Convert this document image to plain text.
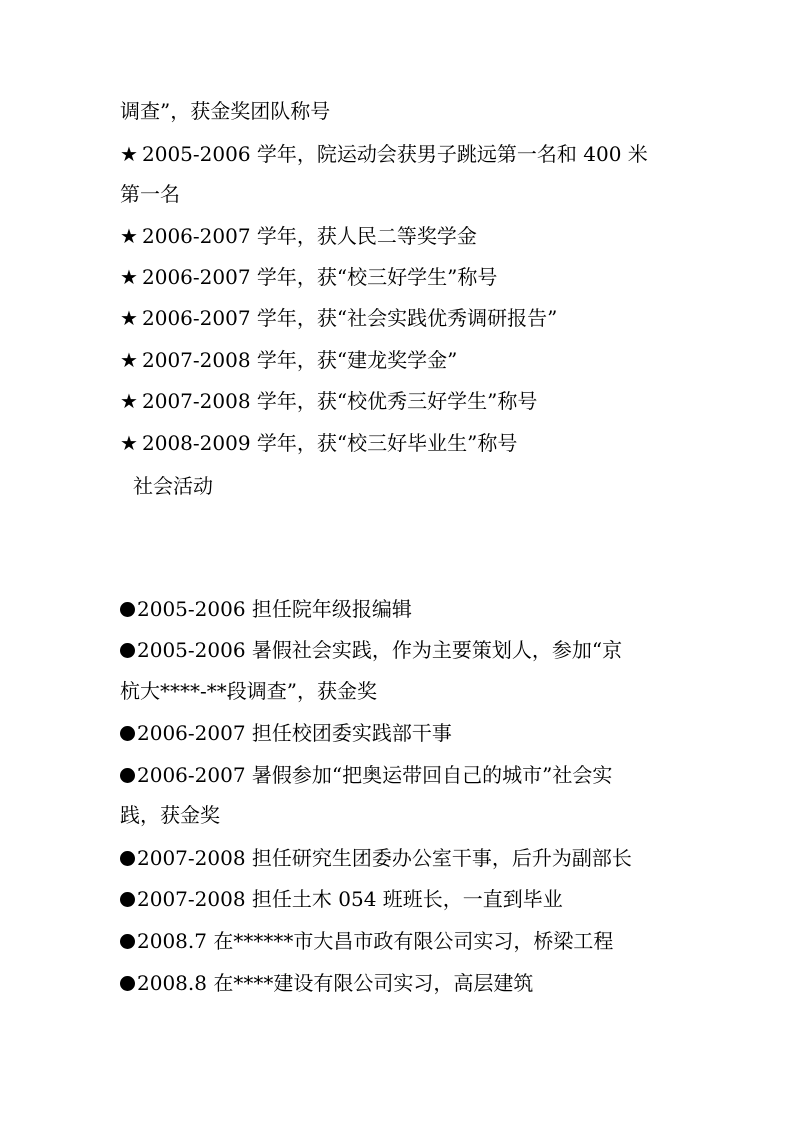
调查”，获金奖团队称号
★ 2005-2006 学年，院运动会获男子跳远第一名和 400 米
第一名
★ 2006-2007 学年，获人民二等奖学金
★ 2006-2007 学年，获“校三好学生”称号
★ 2006-2007 学年，获“社会实践优秀调研报告”
★ 2007-2008 学年，获“建龙奖学金”
★ 2007-2008 学年，获“校优秀三好学生”称号
★ 2008-2009 学年，获“校三好毕业生”称号
社会活动
2005-2006 担任院年级报编辑
2005-2006 暑假社会实践，作为主要策划人，参加“京
杭大****-**段调查”，获金奖
2006-2007 担任校团委实践部干事
2006-2007 暑假参加“把奥运带回自己的城市”社会实
践，获金奖
2007-2008 担任研究生团委办公室干事，后升为副部长
2007-2008 担任土木 054 班班长，一直到毕业
2008.7 在******市大昌市政有限公司实习，桥梁工程
2008.8 在****建设有限公司实习，高层建筑
